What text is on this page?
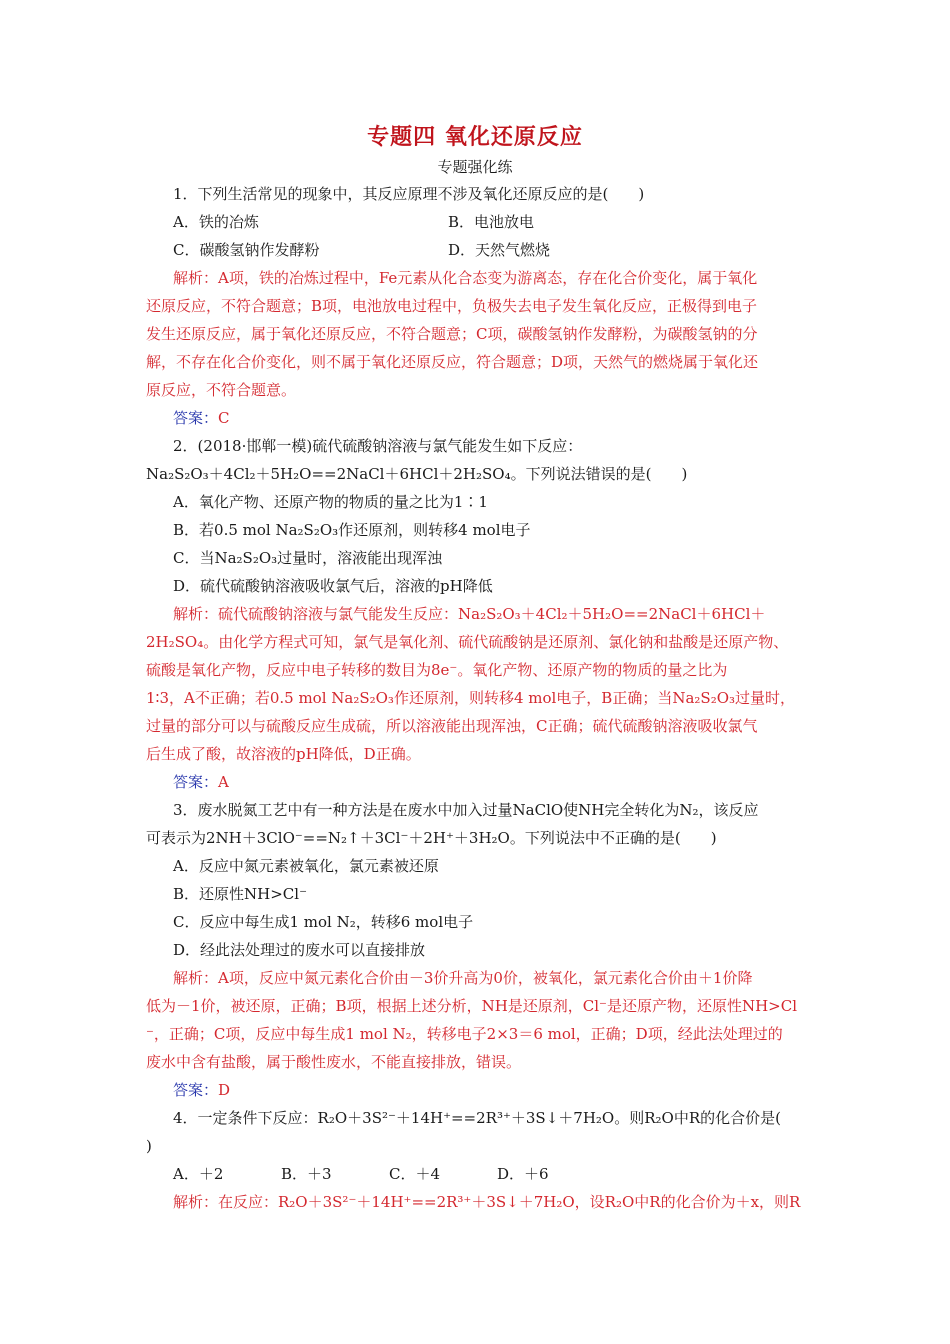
专题四 氧化还原反应
专题强化练
1．下列生活常见的现象中，其反应原理不涉及氧化还原反应的是(　　)
A．铁的冶炼	B．电池放电
C．碳酸氢钠作发酵粉	D．天然气燃烧
解析：A项，铁的冶炼过程中，Fe元素从化合态变为游离态，存在化合价变化，属于氧化
还原反应，不符合题意；B项，电池放电过程中，负极失去电子发生氧化反应，正极得到电子
发生还原反应，属于氧化还原反应，不符合题意；C项，碳酸氢钠作发酵粉，为碳酸氢钠的分
解，不存在化合价变化，则不属于氧化还原反应，符合题意；D项，天然气的燃烧属于氧化还
原反应，不符合题意。
答案：C
2．(2018·邯郸一模)硫代硫酸钠溶液与氯气能发生如下反应：
Na₂S₂O₃＋4Cl₂＋5H₂O==2NaCl＋6HCl＋2H₂SO₄。下列说法错误的是(　　)
A．氧化产物、还原产物的物质的量之比为1∶1
B．若0.5 mol Na₂S₂O₃作还原剂，则转移4 mol电子
C．当Na₂S₂O₃过量时，溶液能出现浑浊
D．硫代硫酸钠溶液吸收氯气后，溶液的pH降低
解析：硫代硫酸钠溶液与氯气能发生反应：Na₂S₂O₃＋4Cl₂＋5H₂O==2NaCl＋6HCl＋
2H₂SO₄。由化学方程式可知，氯气是氧化剂、硫代硫酸钠是还原剂、氯化钠和盐酸是还原产物、
硫酸是氧化产物，反应中电子转移的数目为8e⁻。氧化产物、还原产物的物质的量之比为
1∶3，A不正确；若0.5 mol Na₂S₂O₃作还原剂，则转移4 mol电子，B正确；当Na₂S₂O₃过量时，
过量的部分可以与硫酸反应生成硫，所以溶液能出现浑浊，C正确；硫代硫酸钠溶液吸收氯气
后生成了酸，故溶液的pH降低，D正确。
答案：A
3．废水脱氮工艺中有一种方法是在废水中加入过量NaClO使NH完全转化为N₂，该反应
可表示为2NH＋3ClO⁻==N₂↑＋3Cl⁻＋2H⁺＋3H₂O。下列说法中不正确的是(　　)
A．反应中氮元素被氧化，氯元素被还原
B．还原性NH>Cl⁻
C．反应中每生成1 mol N₂，转移6 mol电子
D．经此法处理过的废水可以直接排放
解析：A项，反应中氮元素化合价由－3价升高为0价，被氧化，氯元素化合价由＋1价降
低为－1价，被还原，正确；B项，根据上述分析，NH是还原剂，Cl⁻是还原产物，还原性NH>Cl
⁻，正确；C项，反应中每生成1 mol N₂，转移电子2×3＝6 mol，正确；D项，经此法处理过的
废水中含有盐酸，属于酸性废水，不能直接排放，错误。
答案：D
4．一定条件下反应：R₂O＋3S²⁻＋14H⁺==2R³⁺＋3S↓＋7H₂O。则R₂O中R的化合价是(
)
A．＋2	B．＋3	C．＋4	D．＋6
解析：在反应：R₂O＋3S²⁻＋14H⁺==2R³⁺＋3S↓＋7H₂O，设R₂O中R的化合价为＋x，则R
